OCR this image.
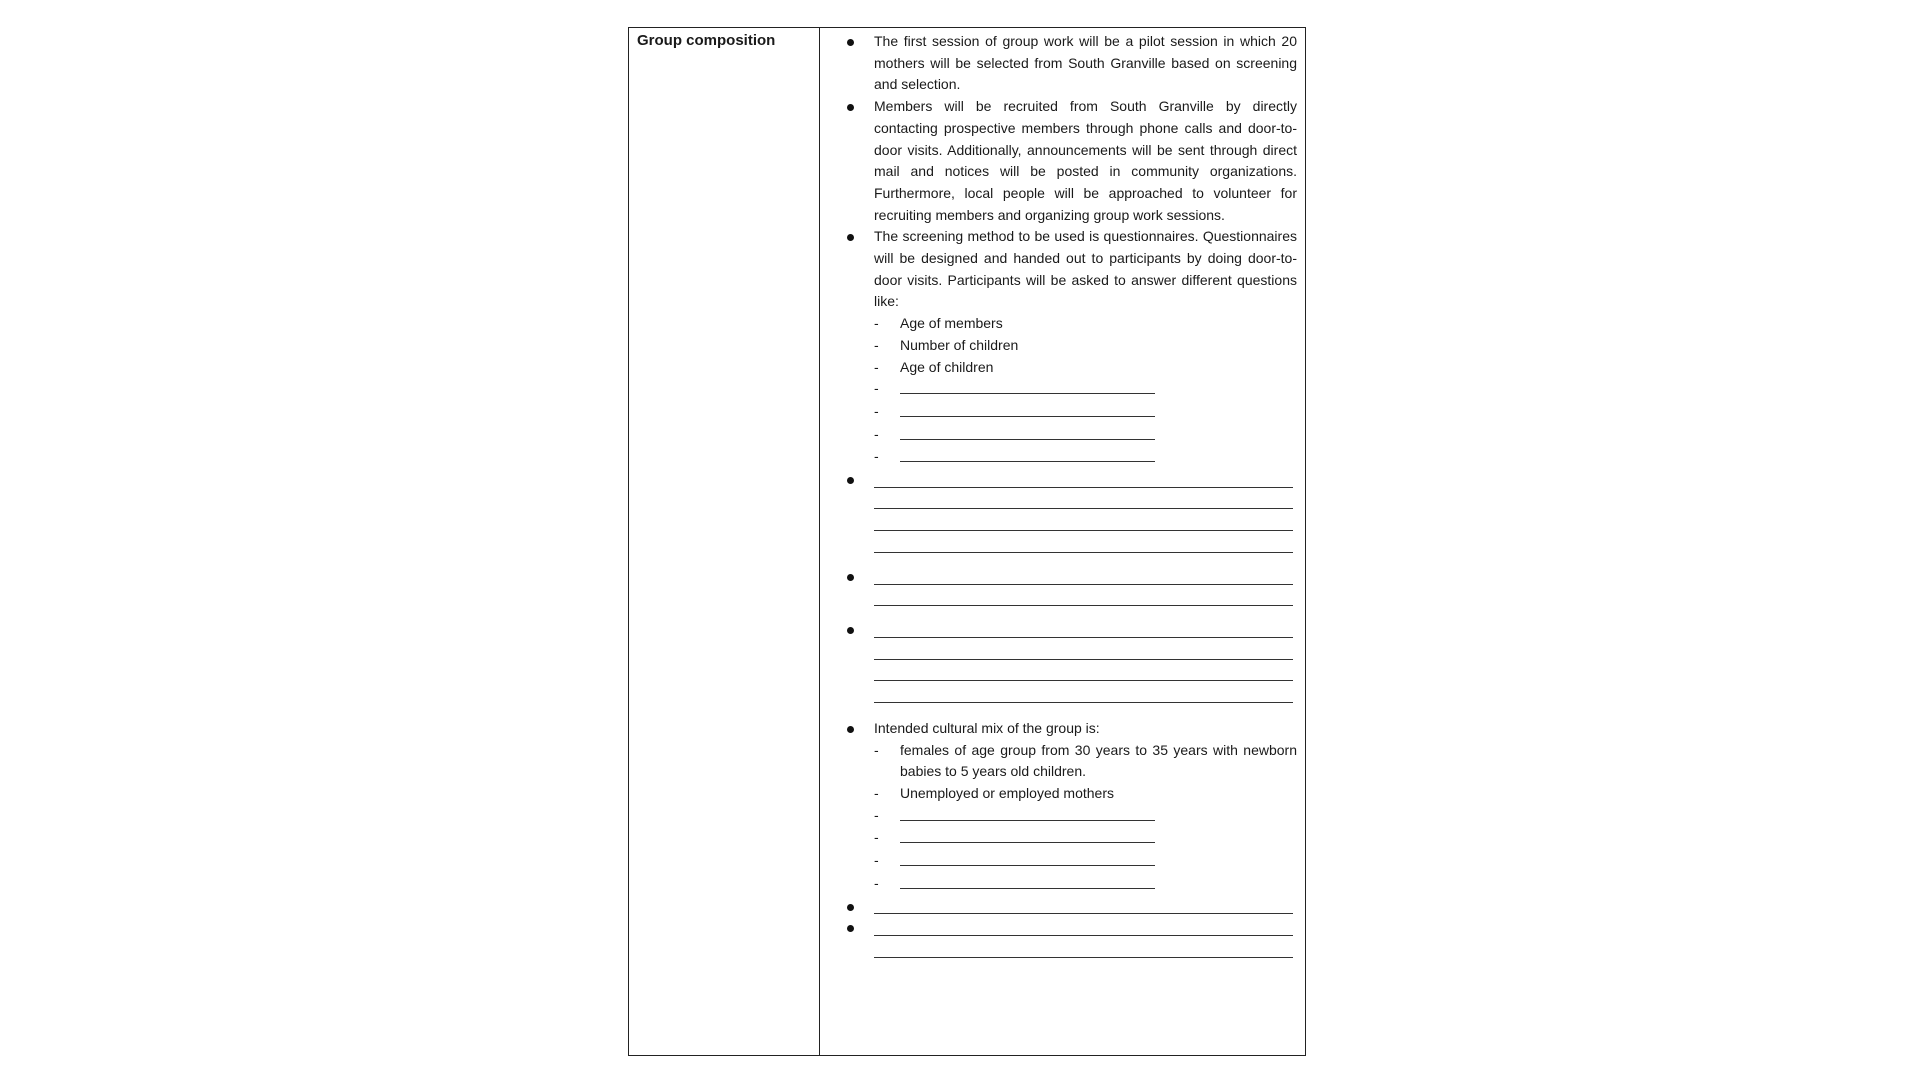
Group composition	The first session of group work will be a pilot session in which 20 mothers will be selected from South Granville based on screening and selection.
Members will be recruited from South Granville by directly contacting prospective members through phone calls and door-to-door visits. Additionally, announcements will be sent through direct mail and notices will be posted in community organizations. Furthermore, local people will be approached to volunteer for recruiting members and organizing group work sessions.
The screening method to be used is questionnaires. Questionnaires will be designed and handed out to participants by doing door-to-door visits. Participants will be asked to answer different questions like:
- Age of members
- Number of children
- Age of children
-
-
-
-
Intended cultural mix of the group is:
- females of age group from 30 years to 35 years with newborn babies to 5 years old children.
- Unemployed or employed mothers
-
-
-
-
